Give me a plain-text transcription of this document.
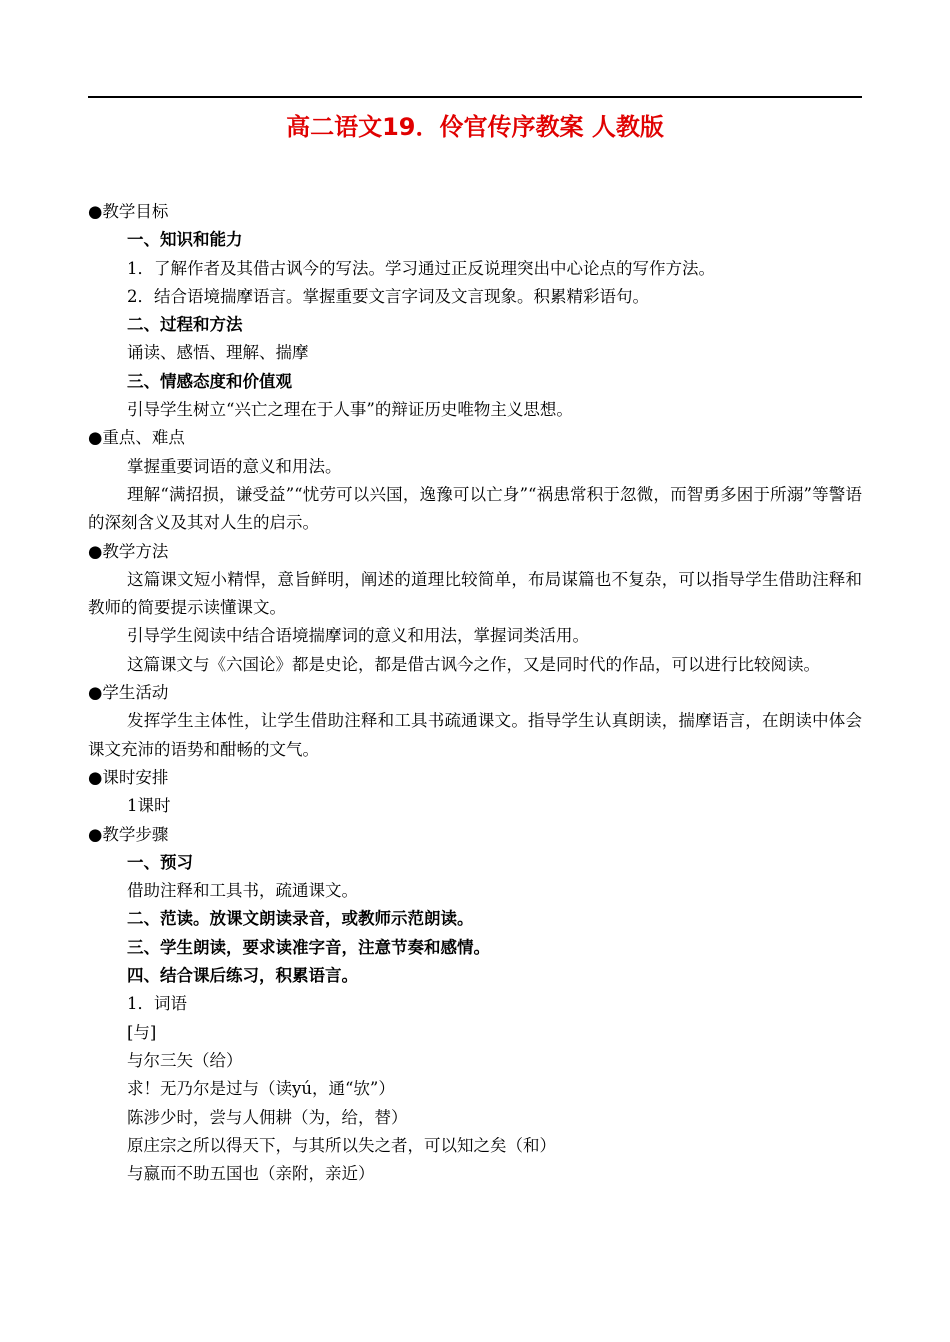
高二语文19．伶官传序教案 人教版
●教学目标
一、知识和能力
1．了解作者及其借古讽今的写法。学习通过正反说理突出中心论点的写作方法。
2．结合语境揣摩语言。掌握重要文言字词及文言现象。积累精彩语句。
二、过程和方法
诵读、感悟、理解、揣摩
三、情感态度和价值观
引导学生树立“兴亡之理在于人事”的辩证历史唯物主义思想。
●重点、难点
掌握重要词语的意义和用法。
理解“满招损，谦受益”“忧劳可以兴国，逸豫可以亡身”“祸患常积于忽微，而智勇多困于所溺”等警语的深刻含义及其对人生的启示。
●教学方法
这篇课文短小精悍，意旨鲜明，阐述的道理比较简单，布局谋篇也不复杂，可以指导学生借助注释和教师的简要提示读懂课文。
引导学生阅读中结合语境揣摩词的意义和用法，掌握词类活用。
这篇课文与《六国论》都是史论，都是借古讽今之作，又是同时代的作品，可以进行比较阅读。
●学生活动
发挥学生主体性，让学生借助注释和工具书疏通课文。指导学生认真朗读，揣摩语言，在朗读中体会课文充沛的语势和酣畅的文气。
●课时安排
1课时
●教学步骤
一、预习
借助注释和工具书，疏通课文。
二、范读。放课文朗读录音，或教师示范朗读。
三、学生朗读，要求读准字音，注意节奏和感情。
四、结合课后练习，积累语言。
1．词语
[与]
与尔三矢（给）
求！无乃尔是过与（读yú，通“欤”）
陈涉少时，尝与人佣耕（为，给，替）
原庄宗之所以得天下，与其所以失之者，可以知之矣（和）
与嬴而不助五国也（亲附，亲近）
